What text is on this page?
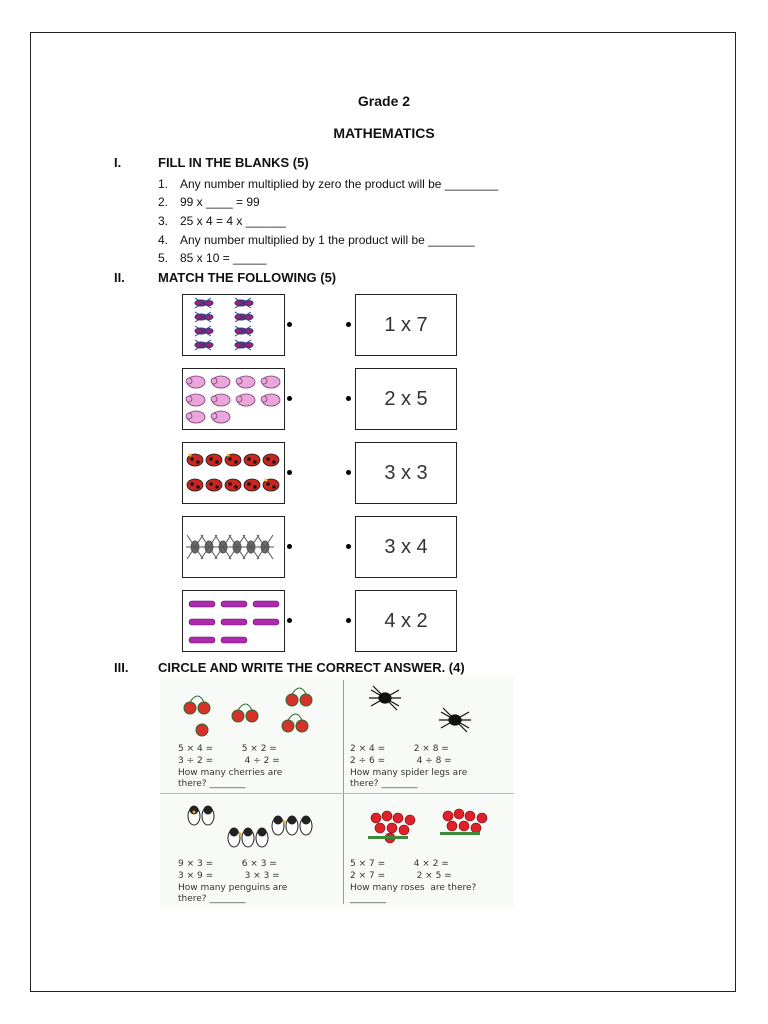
Grade 2
MATHEMATICS
I.	FILL IN THE BLANKS (5)
1. Any number multiplied by zero the product will be ________
2. 99 x ____ = 99
3. 25 x 4 = 4 x ______
4. Any number multiplied by 1 the product will be _______
5. 85 x 10 = _____
II.	MATCH THE FOLLOWING (5)
1 x 7
2 x 5
3 x 3
3 x 4
4 x 2
III. CIRCLE AND WRITE THE CORRECT ANSWER. (4)
5 × 4 =          5 × 2 =
3 ÷ 2 =           4 ÷ 2 =
How many cherries are
there? ________
2 × 4 =          2 × 8 =
2 ÷ 6 =           4 ÷ 8 =
How many spider legs are
there? ________
9 × 3 =          6 × 3 =
3 × 9 =           3 × 3 =
How many penguins are
there? ________
5 × 7 =          4 × 2 =
2 × 7 =           2 × 5 =
How many roses  are there?
________
